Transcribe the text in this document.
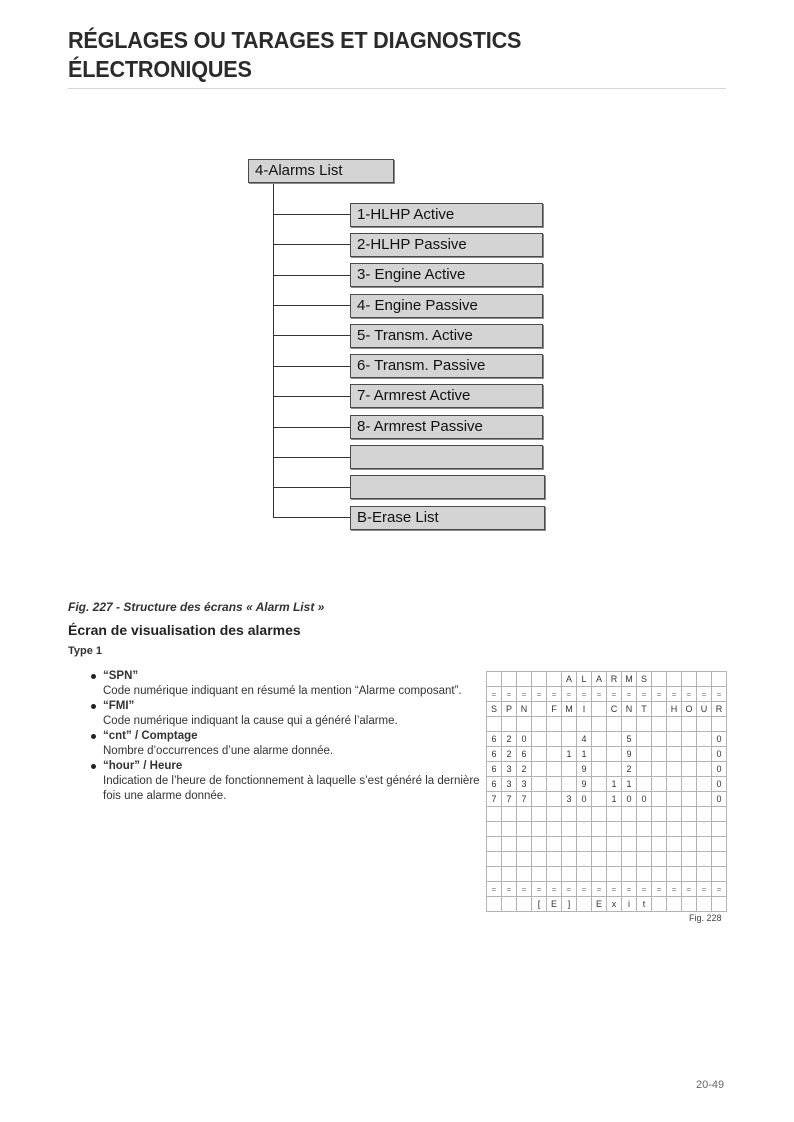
RÉGLAGES OU TARAGES ET DIAGNOSTICS
ÉLECTRONIQUES
4-Alarms List
1-HLHP Active
2-HLHP Passive
3- Engine Active
4- Engine Passive
5- Transm. Active
6- Transm. Passive
7- Armrest Active
8- Armrest Passive
B-Erase List
Fig. 227 - Structure des écrans « Alarm List »
Écran de visualisation des alarmes
Type 1
“SPN”
Code numérique indiquant en résumé la mention “Alarme composant”.
“FMI”
Code numérique indiquant la cause qui a généré l’alarme.
“cnt” / Comptage
Nombre d’occurrences d’une alarme donnée.
“hour” / Heure
Indication de l’heure de fonctionnement à laquelle s’est généré la dernière fois une alarme donnée.
					A	L	A	R	M	S					
=	=	=	=	=	=	=	=	=	=	=	=	=	=	=	=
S	P	N		F	M	I		C	N	T		H	O	U	R

6	2	0				4			5						0
6	2	6			1	1			9						0
6	3	2				9			2						0
6	3	3				9		1	1						0
7	7	7			3	0		1	0	0					0

=	=	=	=	=	=	=	=	=	=	=	=	=	=	=	=
			[	E	]		E	x	i	t					
Fig. 228
20-49
